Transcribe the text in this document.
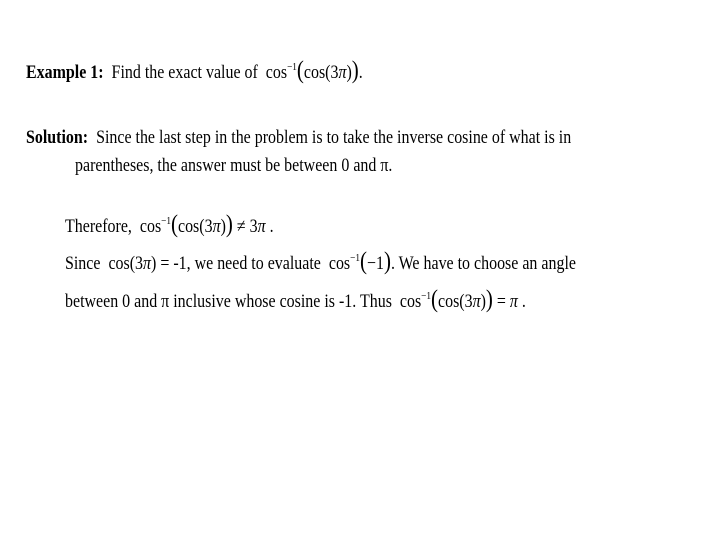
Example 1: Find the exact value of $\cos^{-1}(\cos(3\pi))$.
Solution: Since the last step in the problem is to take the inverse cosine of what is in
parentheses, the answer must be between 0 and π.
Therefore, $\cos^{-1}(\cos(3\pi)) \ne 3\pi$ .
Since cos(3π) = -1, we need to evaluate $\cos^{-1}(-1)$. We have to choose an angle
between 0 and π inclusive whose cosine is -1. Thus $\cos^{-1}(\cos(3\pi)) = \pi$ .
